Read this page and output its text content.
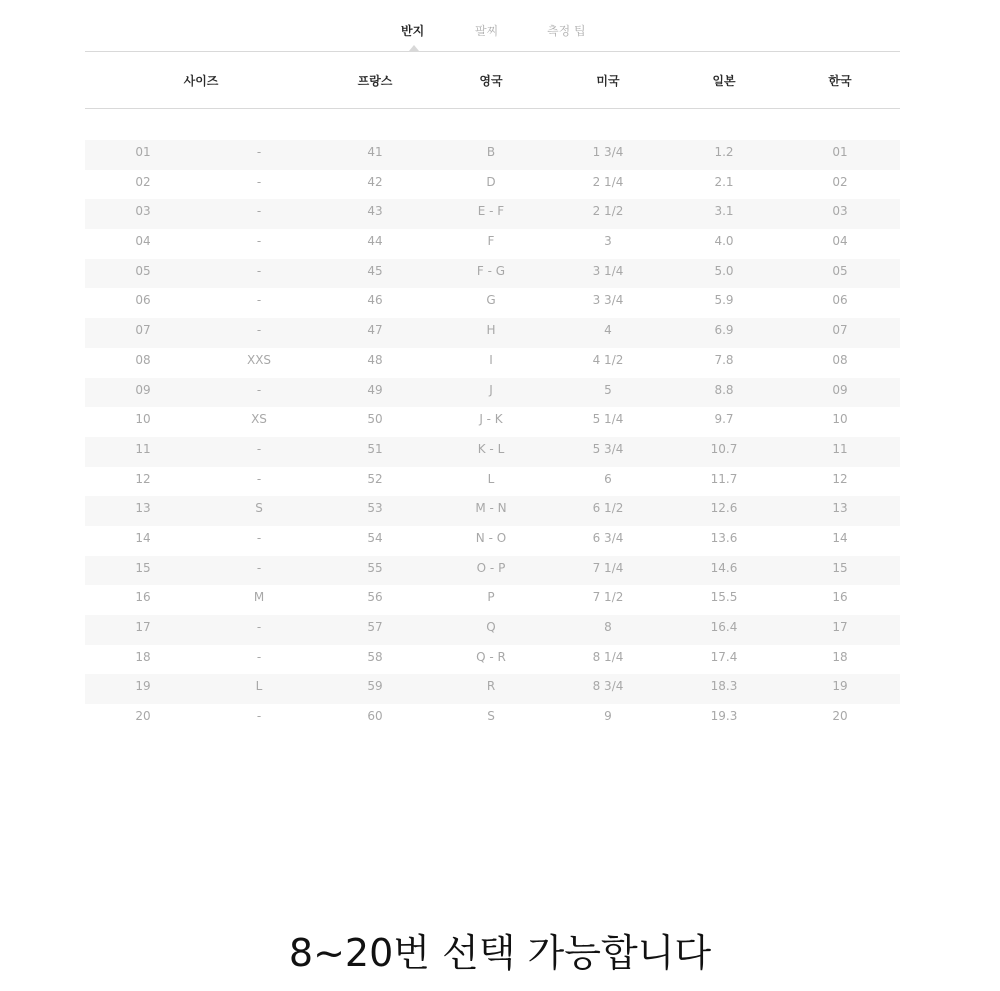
반지	팔찌	측정 팁
사이즈	프랑스	영국	미국	일본	한국
01	-	41	B	1 3/4	1.2	01
02	-	42	D	2 1/4	2.1	02
03	-	43	E - F	2 1/2	3.1	03
04	-	44	F	3	4.0	04
05	-	45	F - G	3 1/4	5.0	05
06	-	46	G	3 3/4	5.9	06
07	-	47	H	4	6.9	07
08	XXS	48	I	4 1/2	7.8	08
09	-	49	J	5	8.8	09
10	XS	50	J - K	5 1/4	9.7	10
11	-	51	K - L	5 3/4	10.7	11
12	-	52	L	6	11.7	12
13	S	53	M - N	6 1/2	12.6	13
14	-	54	N - O	6 3/4	13.6	14
15	-	55	O - P	7 1/4	14.6	15
16	M	56	P	7 1/2	15.5	16
17	-	57	Q	8	16.4	17
18	-	58	Q - R	8 1/4	17.4	18
19	L	59	R	8 3/4	18.3	19
20	-	60	S	9	19.3	20
8~20번 선택 가능합니다
